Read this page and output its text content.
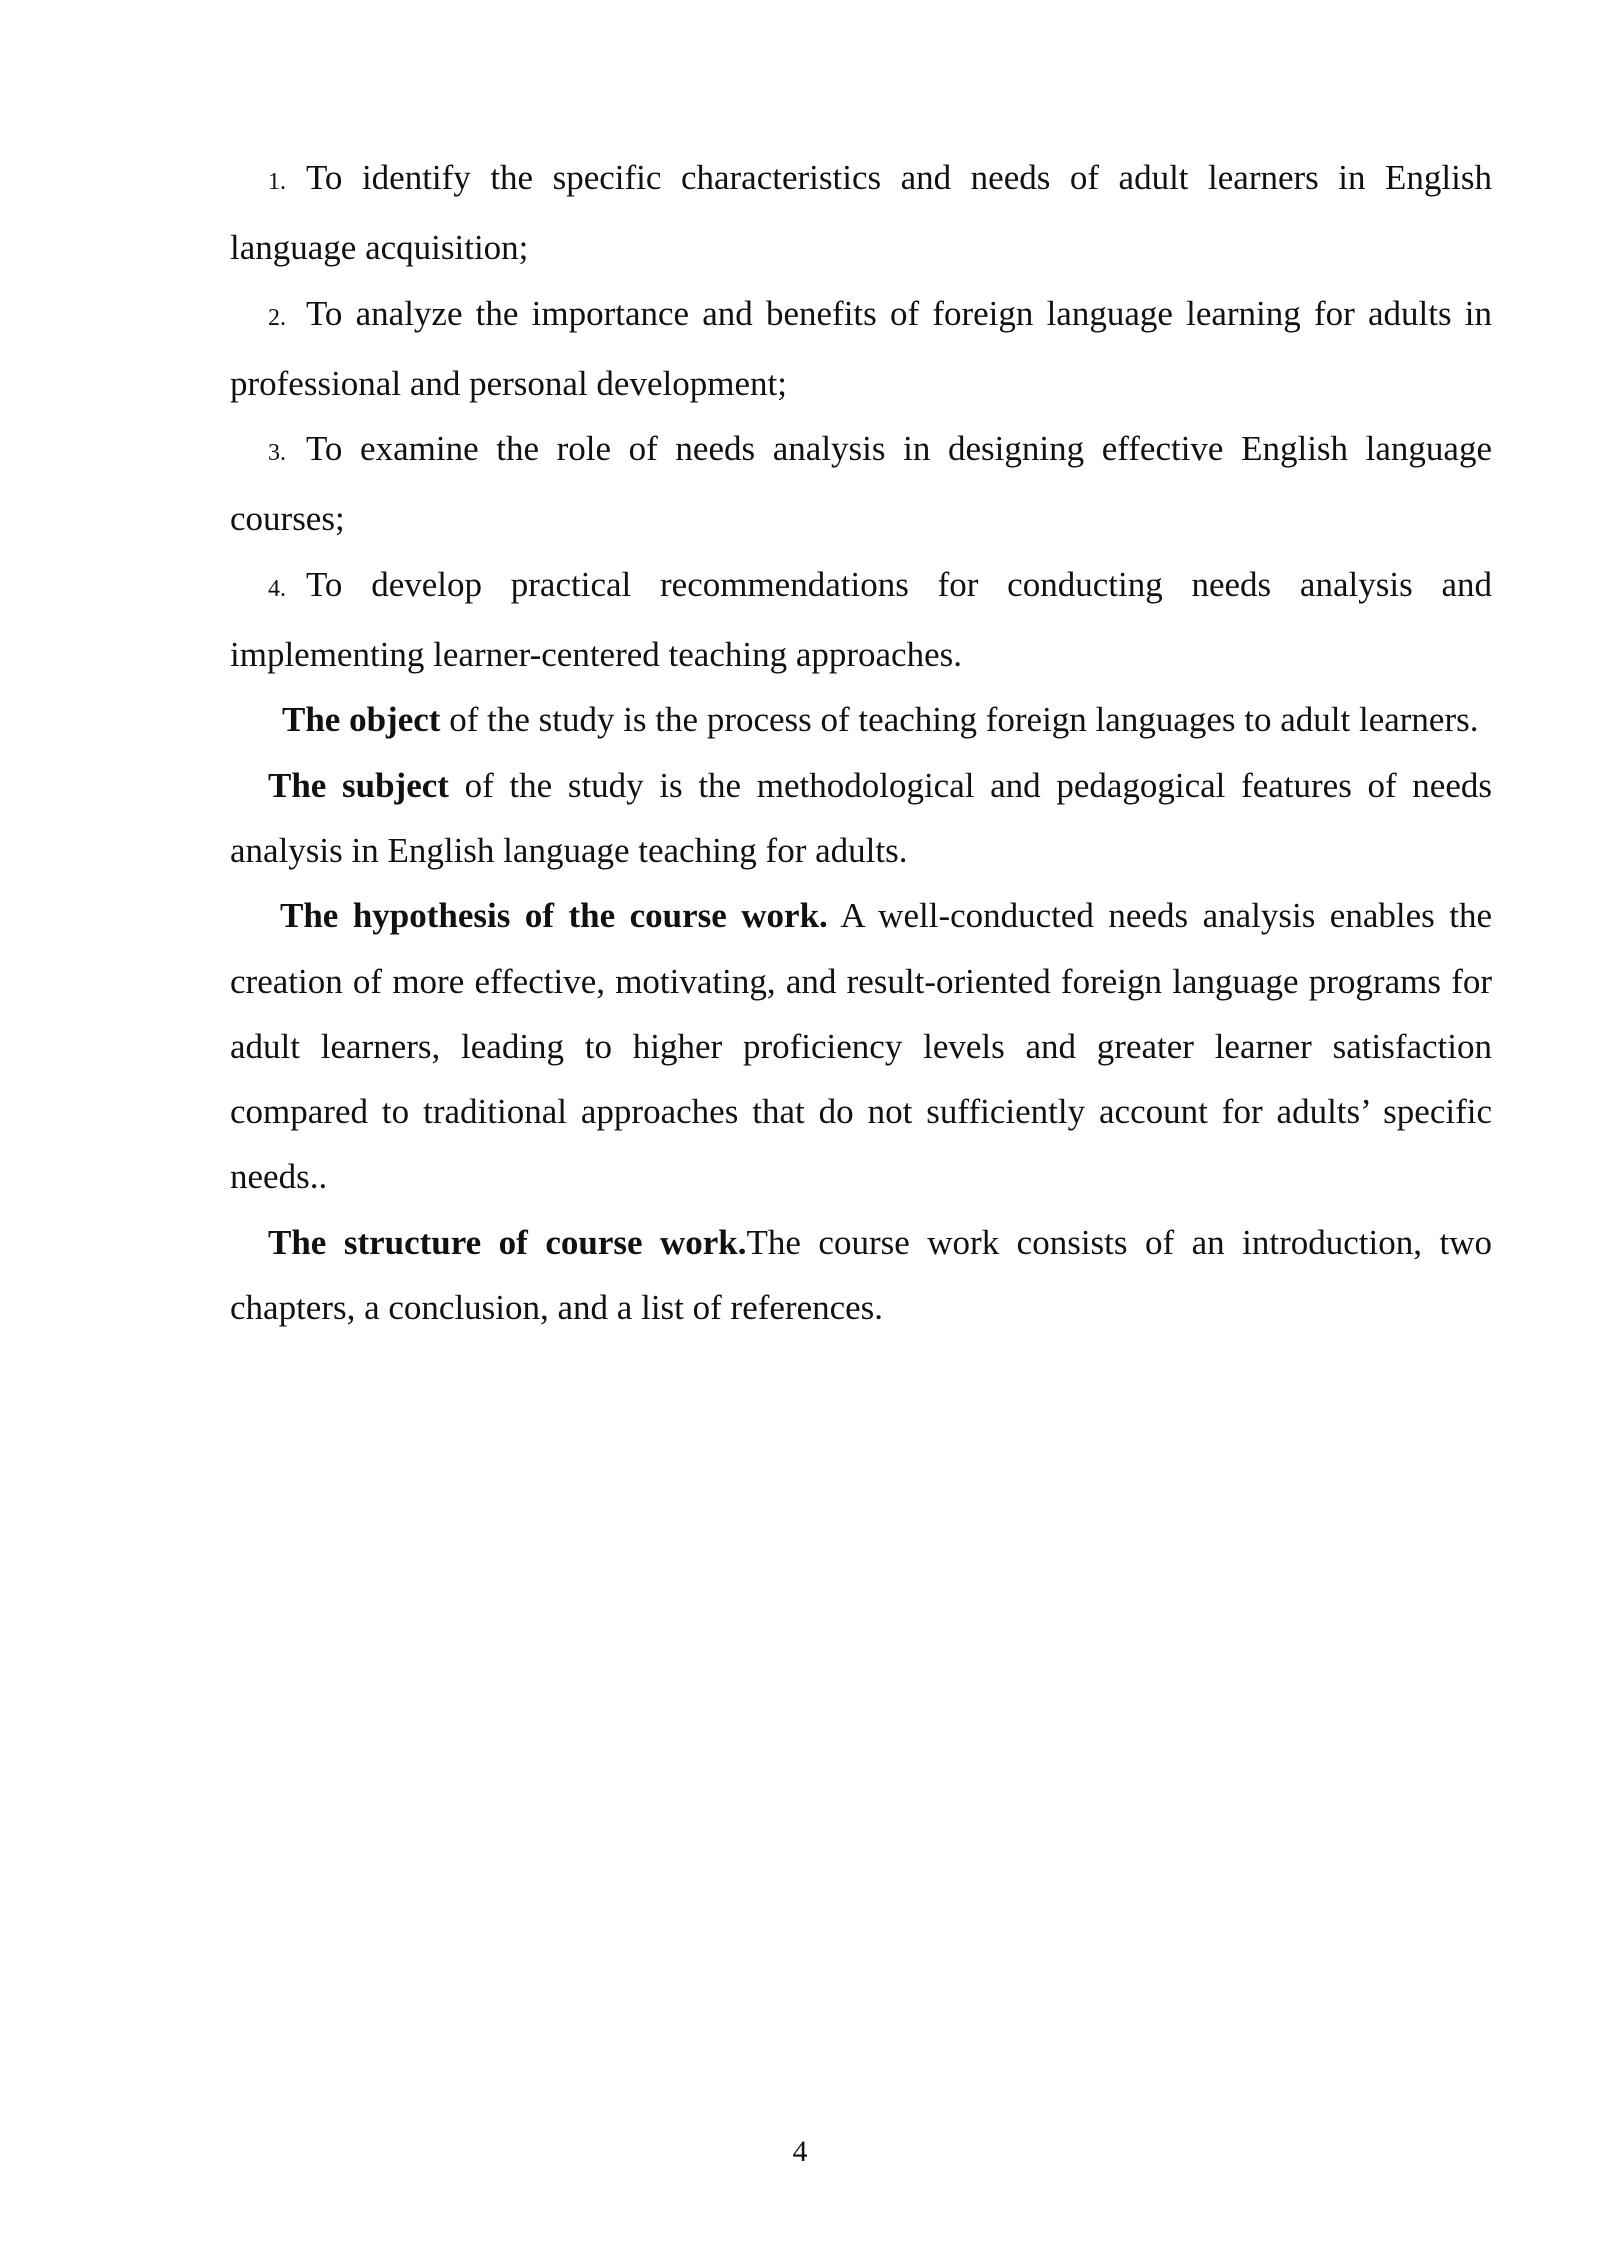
1. To identify the specific characteristics and needs of adult learners in English language acquisition;

2. To analyze the importance and benefits of foreign language learning for adults in professional and personal development;

3. To examine the role of needs analysis in designing effective English language courses;

4. To develop practical recommendations for conducting needs analysis and implementing learner-centered teaching approaches.

The object of the study is the process of teaching foreign languages to adult learners.

The subject of the study is the methodological and pedagogical features of needs analysis in English language teaching for adults.

The hypothesis of the course work. A well-conducted needs analysis enables the creation of more effective, motivating, and result-oriented foreign language programs for adult learners, leading to higher proficiency levels and greater learner satisfaction compared to traditional approaches that do not sufficiently account for adults’ specific needs..

The structure of course work.The course work consists of an introduction, two chapters, a conclusion, and a list of references.

4
